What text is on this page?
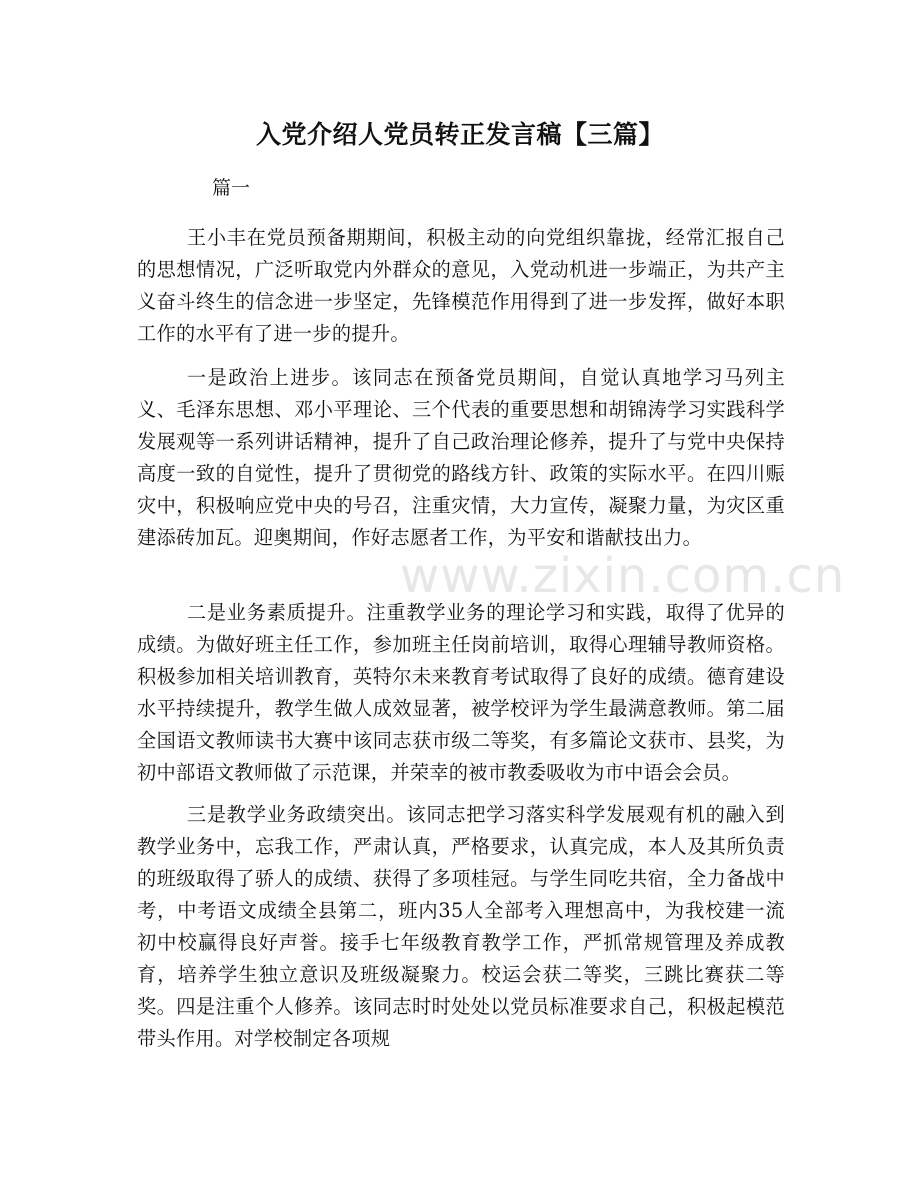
入党介绍人党员转正发言稿【三篇】
篇一

王小丰在党员预备期期间，积极主动的向党组织靠拢，经常汇报自己的思想情况，广泛听取党内外群众的意见，入党动机进一步端正，为共产主义奋斗终生的信念进一步坚定，先锋模范作用得到了进一步发挥，做好本职工作的水平有了进一步的提升。

一是政治上进步。该同志在预备党员期间，自觉认真地学习马列主义、毛泽东思想、邓小平理论、三个代表的重要思想和胡锦涛学习实践科学发展观等一系列讲话精神，提升了自己政治理论修养，提升了与党中央保持高度一致的自觉性，提升了贯彻党的路线方针、政策的实际水平。在四川赈灾中，积极响应党中央的号召，注重灾情，大力宣传，凝聚力量，为灾区重建添砖加瓦。迎奥期间，作好志愿者工作，为平安和谐献技出力。

二是业务素质提升。注重教学业务的理论学习和实践，取得了优异的成绩。为做好班主任工作，参加班主任岗前培训，取得心理辅导教师资格。积极参加相关培训教育，英特尔未来教育考试取得了良好的成绩。德育建设水平持续提升，教学生做人成效显著，被学校评为学生最满意教师。第二届全国语文教师读书大赛中该同志获市级二等奖，有多篇论文获市、县奖，为初中部语文教师做了示范课，并荣幸的被市教委吸收为市中语会会员。

三是教学业务政绩突出。该同志把学习落实科学发展观有机的融入到教学业务中，忘我工作，严肃认真，严格要求，认真完成，本人及其所负责的班级取得了骄人的成绩、获得了多项桂冠。与学生同吃共宿，全力备战中考，中考语文成绩全县第二，班内35人全部考入理想高中，为我校建一流初中校赢得良好声誉。接手七年级教育教学工作，严抓常规管理及养成教育，培养学生独立意识及班级凝聚力。校运会获二等奖，三跳比赛获二等奖。四是注重个人修养。该同志时时处处以党员标准要求自己，积极起模范带头作用。对学校制定各项规

www.zixin.com.cn
